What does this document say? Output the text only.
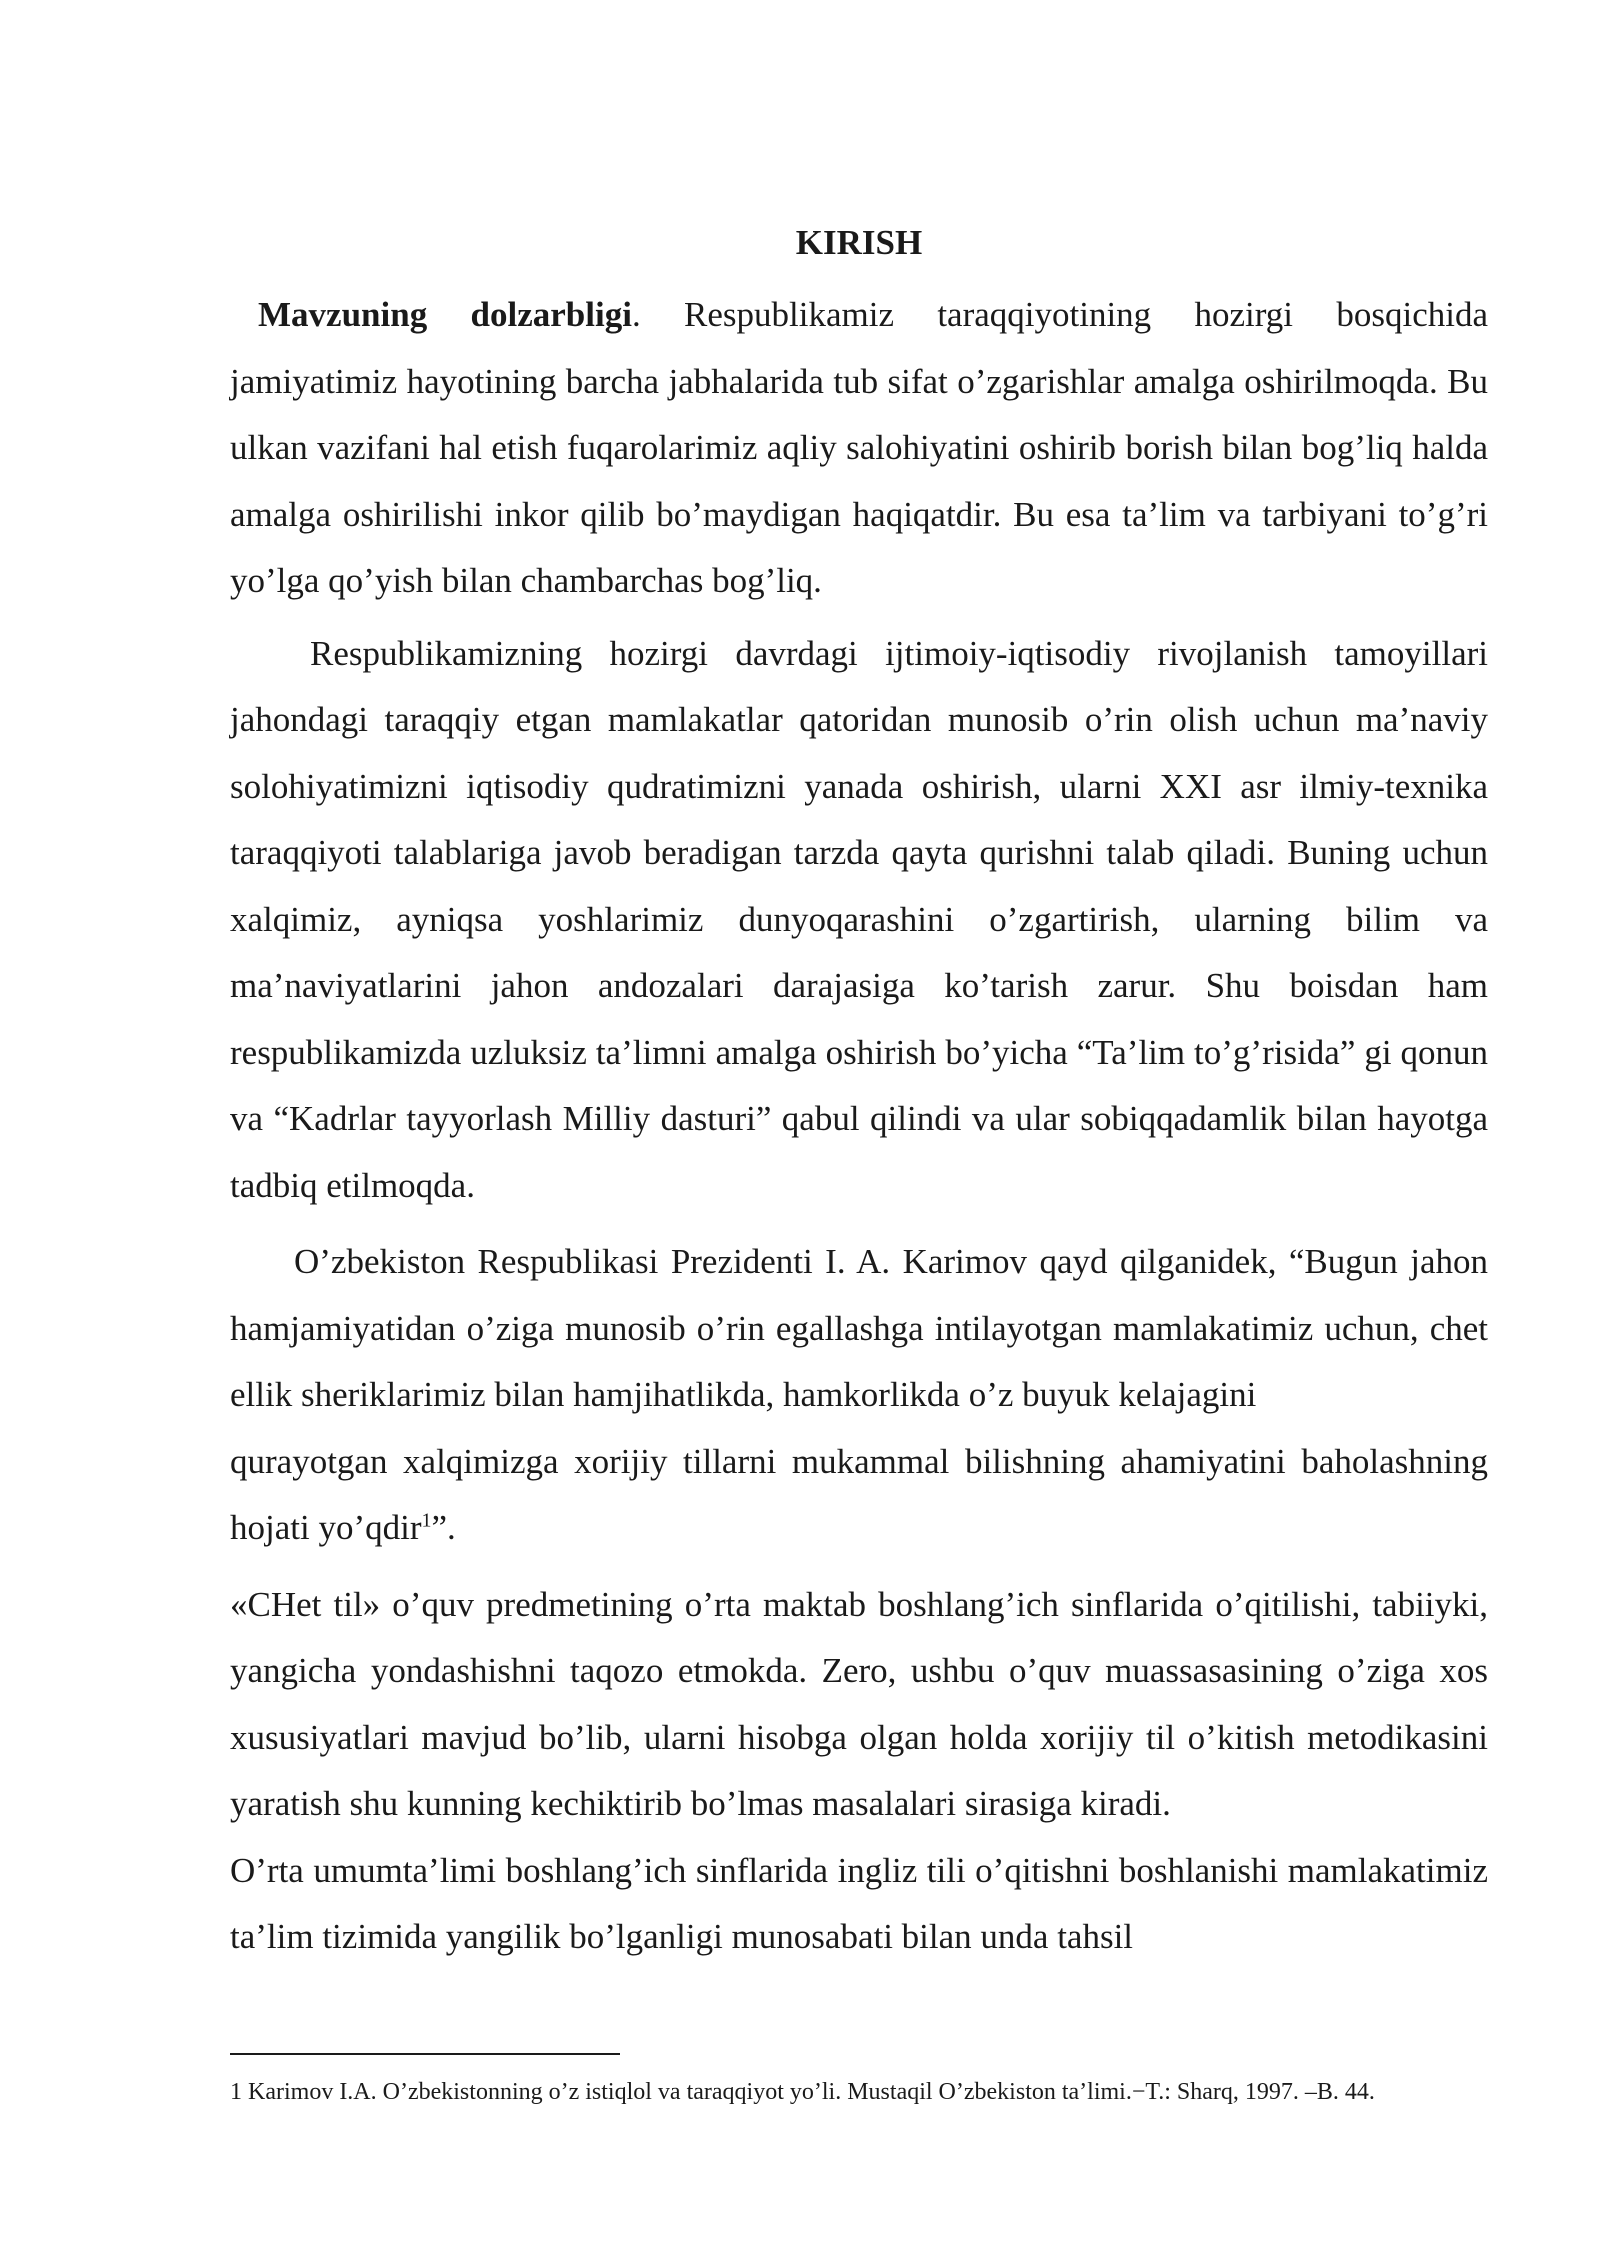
KIRISH

Mavzuning dolzarbligi. Respublikamiz taraqqiyotining hozirgi bosqichida jamiyatimiz hayotining barcha jabhalarida tub sifat o’zgarishlar amalga oshirilmoqda. Bu ulkan vazifani hal etish fuqarolarimiz aqliy salohiyatini oshirib borish bilan bog’liq halda amalga oshirilishi inkor qilib bo’maydigan haqiqatdir. Bu esa ta’lim va tarbiyani to’g’ri yo’lga qo’yish bilan chambarchas bog’liq.

Respublikamizning hozirgi davrdagi ijtimoiy-iqtisodiy rivojlanish tamoyillari jahondagi taraqqiy etgan mamlakatlar qatoridan munosib o’rin olish uchun ma’naviy solohiyatimizni iqtisodiy qudratimizni yanada oshirish, ularni XXI asr ilmiy-texnika taraqqiyoti talablariga javob beradigan tarzda qayta qurishni talab qiladi. Buning uchun xalqimiz, ayniqsa yoshlarimiz dunyoqarashini o’zgartirish, ularning bilim va ma’naviyatlarini jahon andozalari darajasiga ko’tarish zarur. Shu boisdan ham respublikamizda uzluksiz ta’limni amalga oshirish bo’yicha “Ta’lim to’g’risida” gi qonun va “Kadrlar tayyorlash Milliy dasturi” qabul qilindi va ular sobiqqadamlik bilan hayotga tadbiq etilmoqda.

O’zbekiston Respublikasi Prezidenti I. A. Karimov qayd qilganidek, “Bugun jahon hamjamiyatidan o’ziga munosib o’rin egallashga intilayotgan mamlakatimiz uchun, chet ellik sheriklarimiz bilan hamjihatlikda, hamkorlikda o’z buyuk kelajagini

qurayotgan xalqimizga xorijiy tillarni mukammal bilishning ahamiyatini baholashning hojati yo’qdir$^1$”.

«CHet til» o’quv predmetining o’rta maktab boshlang’ich sinflarida o’qitilishi, tabiiyki, yangicha yondashishni taqozo etmokda. Zero, ushbu o’quv muassasasining o’ziga xos xususiyatlari mavjud bo’lib, ularni hisobga olgan holda xorijiy til o’kitish metodikasini yaratish shu kunning kechiktirib bo’lmas masalalari sirasiga kiradi.

O’rta umumta’limi boshlang’ich sinflarida ingliz tili o’qitishni boshlanishi mamlakatimiz ta’lim tizimida yangilik bo’lganligi munosabati bilan unda tahsil

1 Karimov I.A. O’zbekistonning o’z istiqlol va taraqqiyot yo’li. Mustaqil O’zbekiston ta’limi.−T.: Sharq, 1997. –B. 44.
